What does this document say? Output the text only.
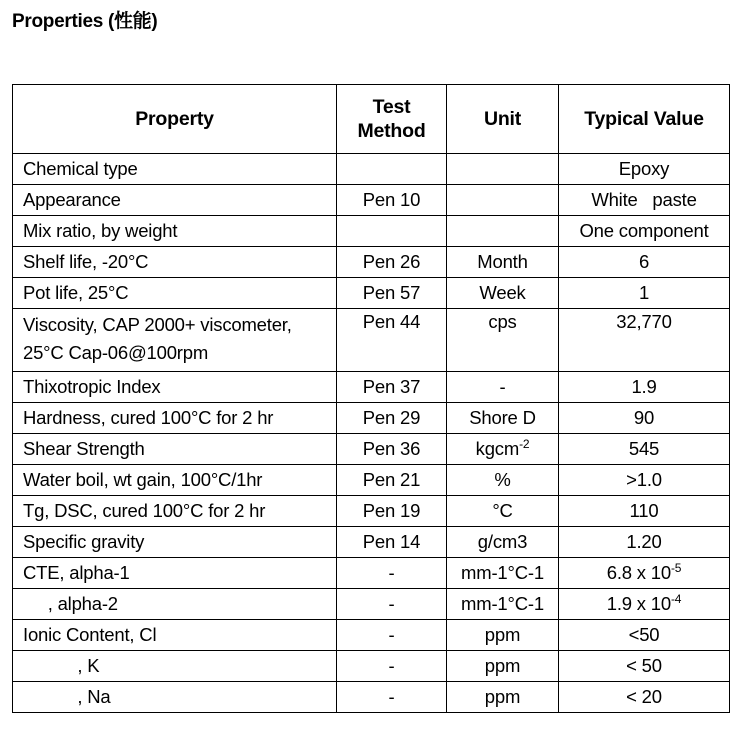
Properties (性能)
Property	Test Method	Unit	Typical Value
Chemical type			Epoxy
Appearance	Pen 10		White   paste
Mix ratio, by weight			One component
Shelf life, -20°C	Pen 26	Month	6
Pot life, 25°C	Pen 57	Week	1
Viscosity, CAP 2000+ viscometer,
25°C Cap-06@100rpm	Pen 44	cps	32,770
Thixotropic Index	Pen 37	-	1.9
Hardness, cured 100°C for 2 hr	Pen 29	Shore D	90
Shear Strength	Pen 36	kgcm$^{-2}$	545
Water boil, wt gain, 100°C/1hr	Pen 21	%	>1.0
Tg, DSC, cured 100°C for 2 hr	Pen 19	°C	110
Specific gravity	Pen 14	g/cm3	1.20
CTE, alpha-1	-	mm-1°C-1	6.8 x $10^{-5}$
, alpha-2	-	mm-1°C-1	1.9 x $10^{-4}$
Ionic Content, Cl	-	ppm	<50
, K	-	ppm	< 50
, Na	-	ppm	< 20
